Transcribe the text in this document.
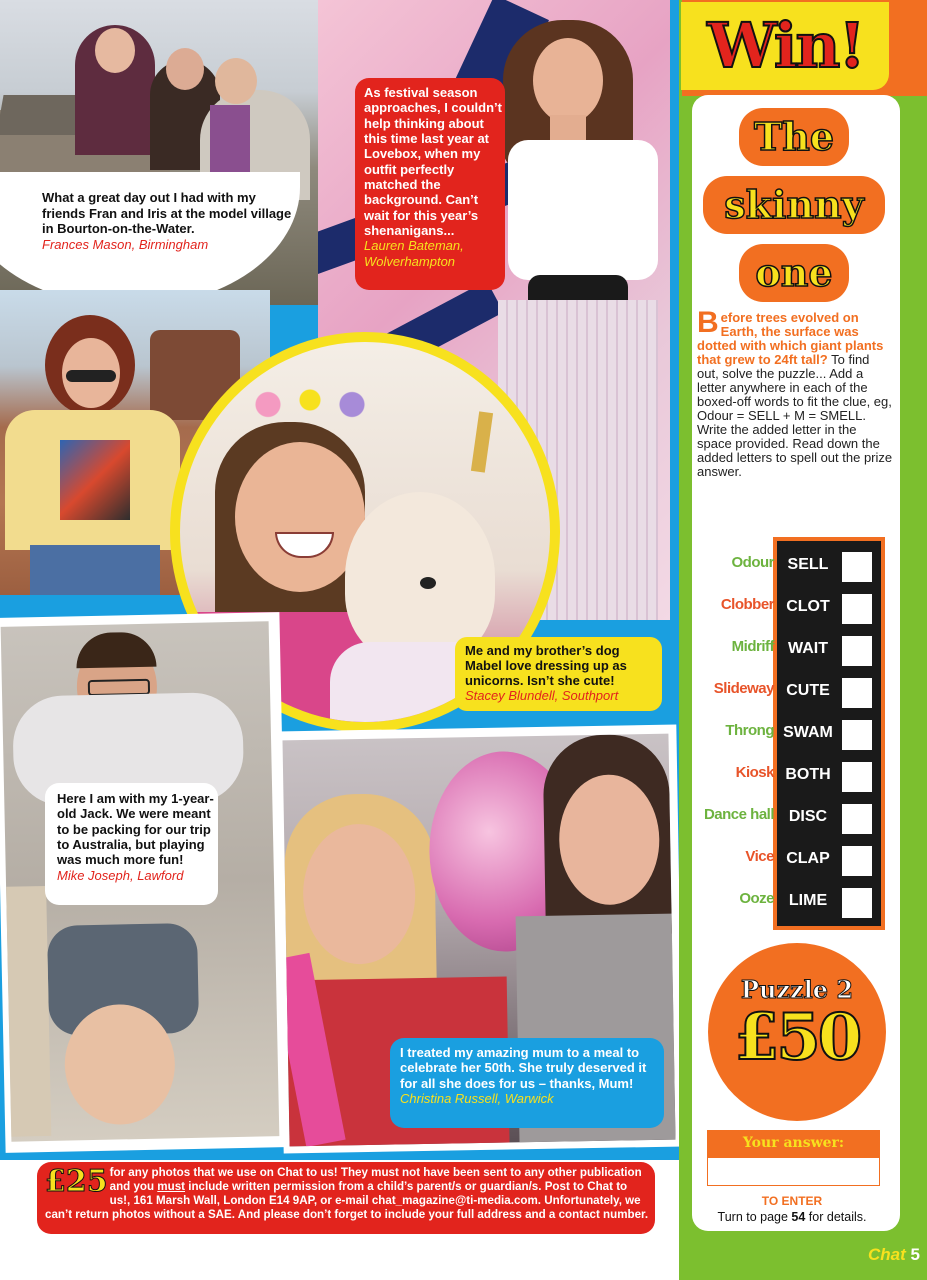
What a great day out I had with my friends Fran and Iris at the model village in Bourton-on-the-Water.
Frances Mason, Birmingham
As festival season approaches, I couldn’t help thinking about this time last year at Lovebox, when my outfit perfectly matched the background. Can’t wait for this year’s shenanigans...
Lauren Bateman, Wolverhampton
Me and my brother’s dog Mabel love dressing up as unicorns. Isn’t she cute!
Stacey Blundell, Southport
Here I am with my 1-year-old Jack. We were meant to be packing for our trip to Australia, but playing was much more fun!
Mike Joseph, Lawford
I treated my amazing mum to a meal to celebrate her 50th. She truly deserved it for all she does for us – thanks, Mum!
Christina Russell, Warwick
£25 for any photos that we use on Chat to us! They must not have been sent to any other publication and you must include written permission from a child’s parent/s or guardian/s. Post to Chat to us!, 161 Marsh Wall, London E14 9AP, or e-mail chat_magazine@ti-media.com. Unfortunately, we can’t return photos without a SAE. And please don’t forget to include your full address and a contact number.
Win!
The
skinny
one
B efore trees evolved on Earth, the surface was dotted with which giant plants that grew to 24ft tall? To find out, solve the puzzle... Add a letter anywhere in each of the boxed-off words to fit the clue, eg, Odour = SELL + M = SMELL. Write the added letter in the space provided. Read down the added letters to spell out the prize answer.
Odour SELL
Clobber CLOT
Midriff WAIT
Slideway CUTE
Throng SWAM
Kiosk BOTH
Dance hall DISC
Vice CLAP
Ooze LIME
Puzzle 2
£50
Your answer:
TO ENTER
Turn to page 54 for details.
Chat 5
